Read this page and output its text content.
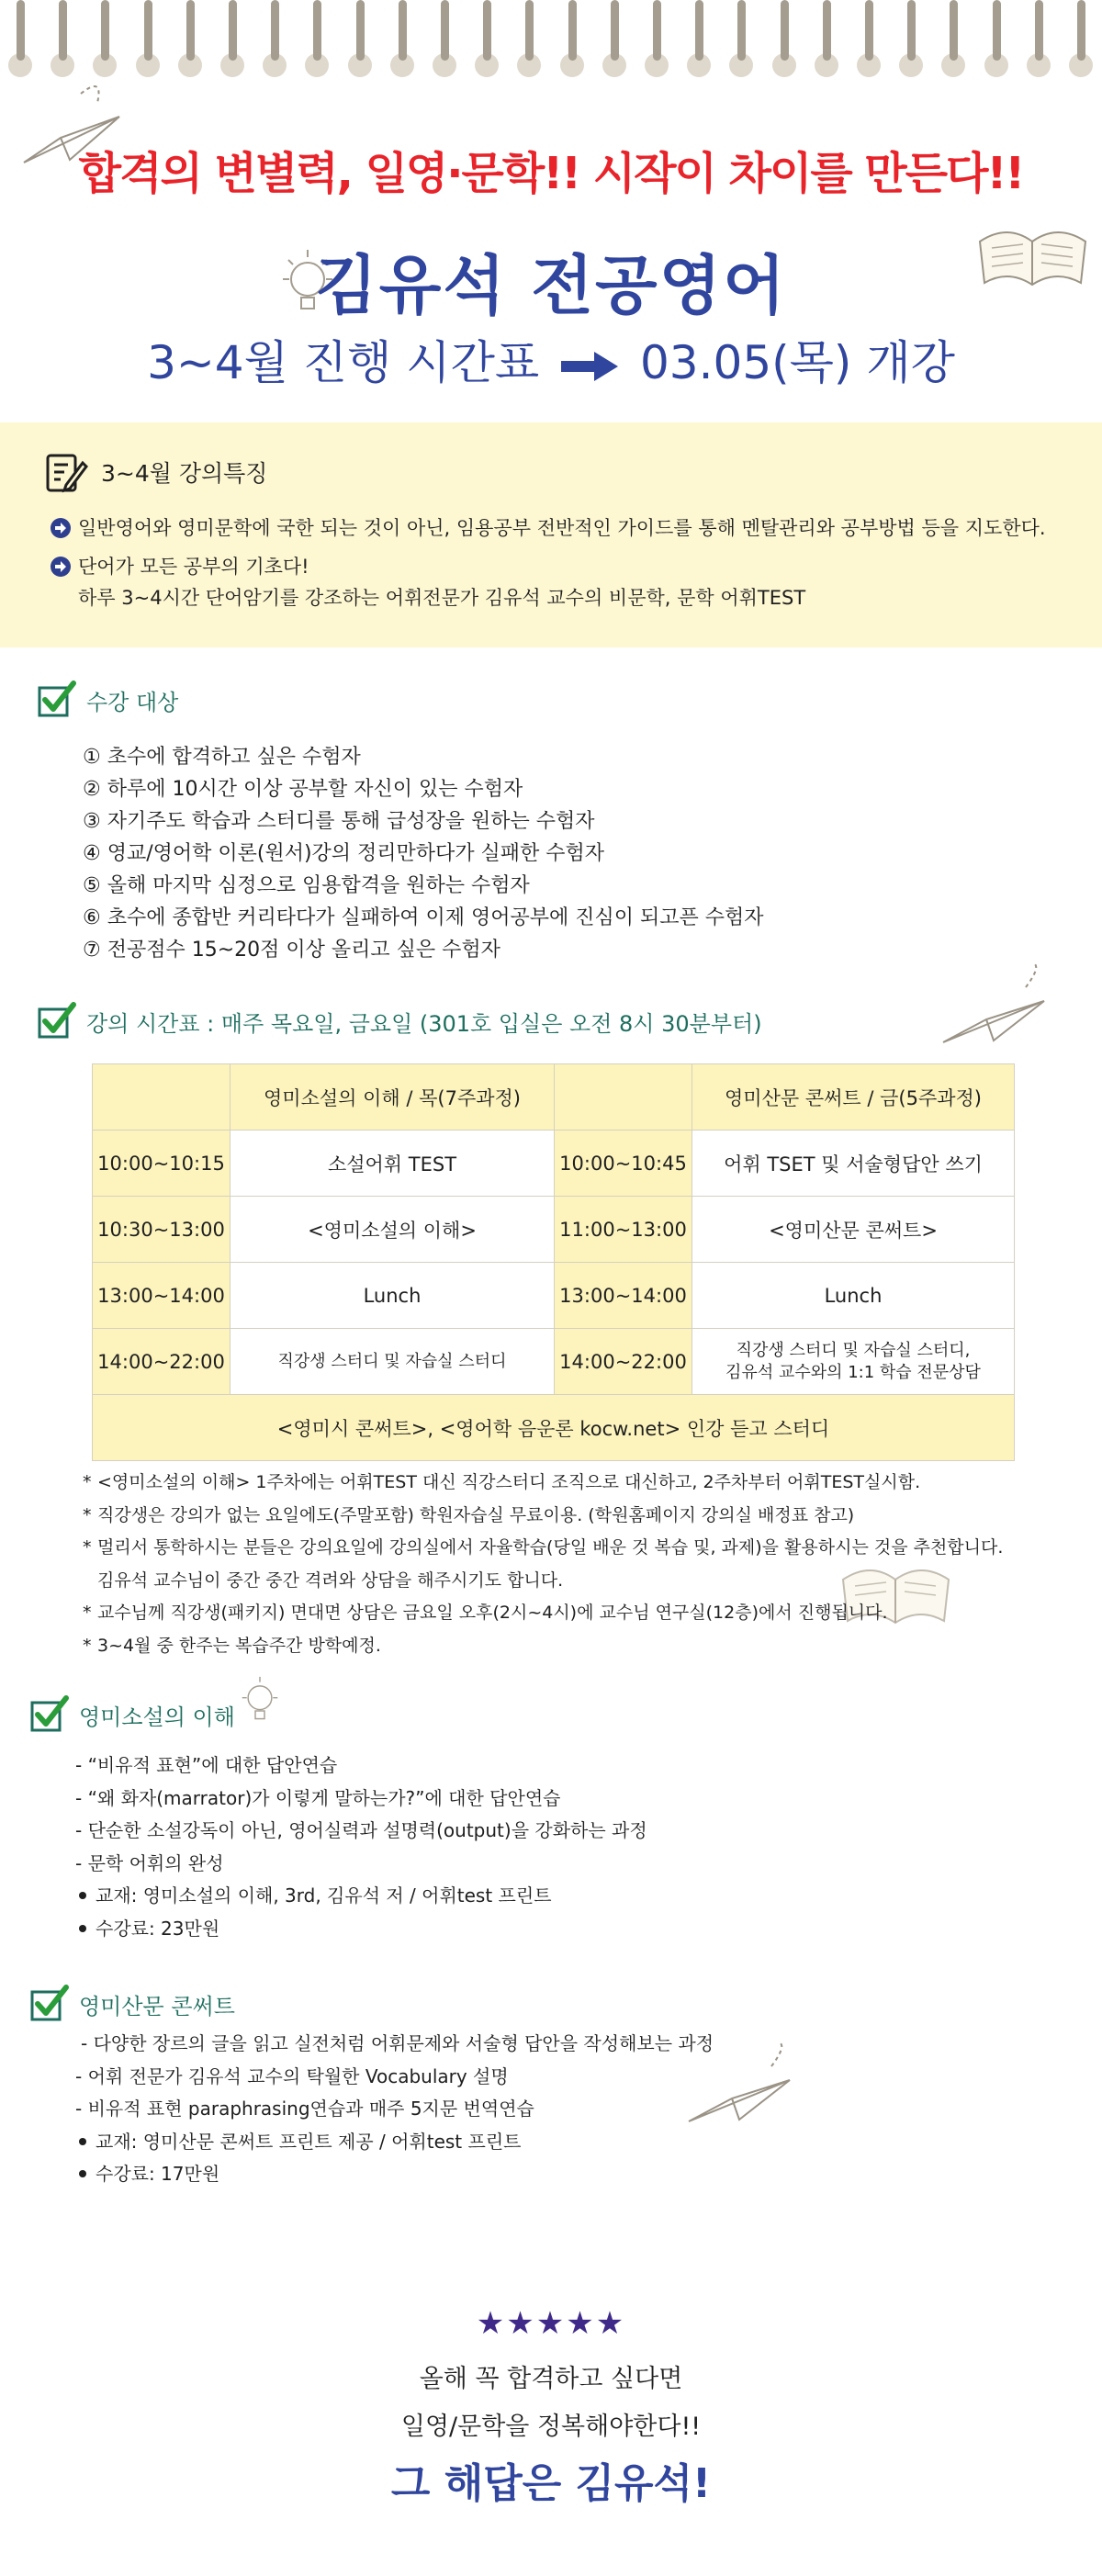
합격의 변별력, 일영·문학!! 시작이 차이를 만든다!!
김유석 전공영어
3~4월 진행 시간표 03.05(목) 개강
3~4월 강의특징
일반영어와 영미문학에 국한 되는 것이 아닌, 임용공부 전반적인 가이드를 통해 멘탈관리와 공부방법 등을 지도한다.
단어가 모든 공부의 기초다!
하루 3~4시간 단어암기를 강조하는 어휘전문가 김유석 교수의 비문학, 문학 어휘TEST
수강 대상
① 초수에 합격하고 싶은 수험자
② 하루에 10시간 이상 공부할 자신이 있는 수험자
③ 자기주도 학습과 스터디를 통해 급성장을 원하는 수험자
④ 영교/영어학 이론(원서)강의 정리만하다가 실패한 수험자
⑤ 올해 마지막 심정으로 임용합격을 원하는 수험자
⑥ 초수에 종합반 커리타다가 실패하여 이제 영어공부에 진심이 되고픈 수험자
⑦ 전공점수 15~20점 이상 올리고 싶은 수험자
강의 시간표 : 매주 목요일, 금요일 (301호 입실은 오전 8시 30분부터)
	영미소설의 이해 / 목(7주과정)		영미산문 콘써트 / 금(5주과정)
10:00~10:15	소설어휘 TEST	10:00~10:45	어휘 TSET 및 서술형답안 쓰기
10:30~13:00	<영미소설의 이해>	11:00~13:00	<영미산문 콘써트>
13:00~14:00	Lunch	13:00~14:00	Lunch
14:00~22:00	직강생 스터디 및 자습실 스터디	14:00~22:00	직강생 스터디 및 자습실 스터디,
김유석 교수와의 1:1 학습 전문상담

<영미시 콘써트>, <영어학 음운론 kocw.net> 인강 듣고 스터디			
* <영미소설의 이해> 1주차에는 어휘TEST 대신 직강스터디 조직으로 대신하고, 2주차부터 어휘TEST실시함.
* 직강생은 강의가 없는 요일에도(주말포함) 학원자습실 무료이용. (학원홈페이지 강의실 배정표 참고)
* 멀리서 통학하시는 분들은 강의요일에 강의실에서 자율학습(당일 배운 것 복습 및, 과제)을 활용하시는 것을 추천합니다.
김유석 교수님이 중간 중간 격려와 상담을 해주시기도 합니다.
* 교수님께 직강생(패키지) 면대면 상담은 금요일 오후(2시~4시)에 교수님 연구실(12층)에서 진행됩니다.
* 3~4월 중 한주는 복습주간 방학예정.
영미소설의 이해
- “비유적 표현”에 대한 답안연습
- “왜 화자(marrator)가 이렇게 말하는가?”에 대한 답안연습
- 단순한 소설강독이 아닌, 영어실력과 설명력(output)을 강화하는 과정
- 문학 어휘의 완성
교재: 영미소설의 이해, 3rd, 김유석 저 / 어휘test 프린트
수강료: 23만원
영미산문 콘써트
- 다양한 장르의 글을 읽고 실전처럼 어휘문제와 서술형 답안을 작성해보는 과정
- 어휘 전문가 김유석 교수의 탁월한 Vocabulary 설명
- 비유적 표현 paraphrasing연습과 매주 5지문 번역연습
교재: 영미산문 콘써트 프린트 제공 / 어휘test 프린트
수강료: 17만원
★★★★★
올해 꼭 합격하고 싶다면
일영/문학을 정복해야한다!!
그 해답은 김유석!
